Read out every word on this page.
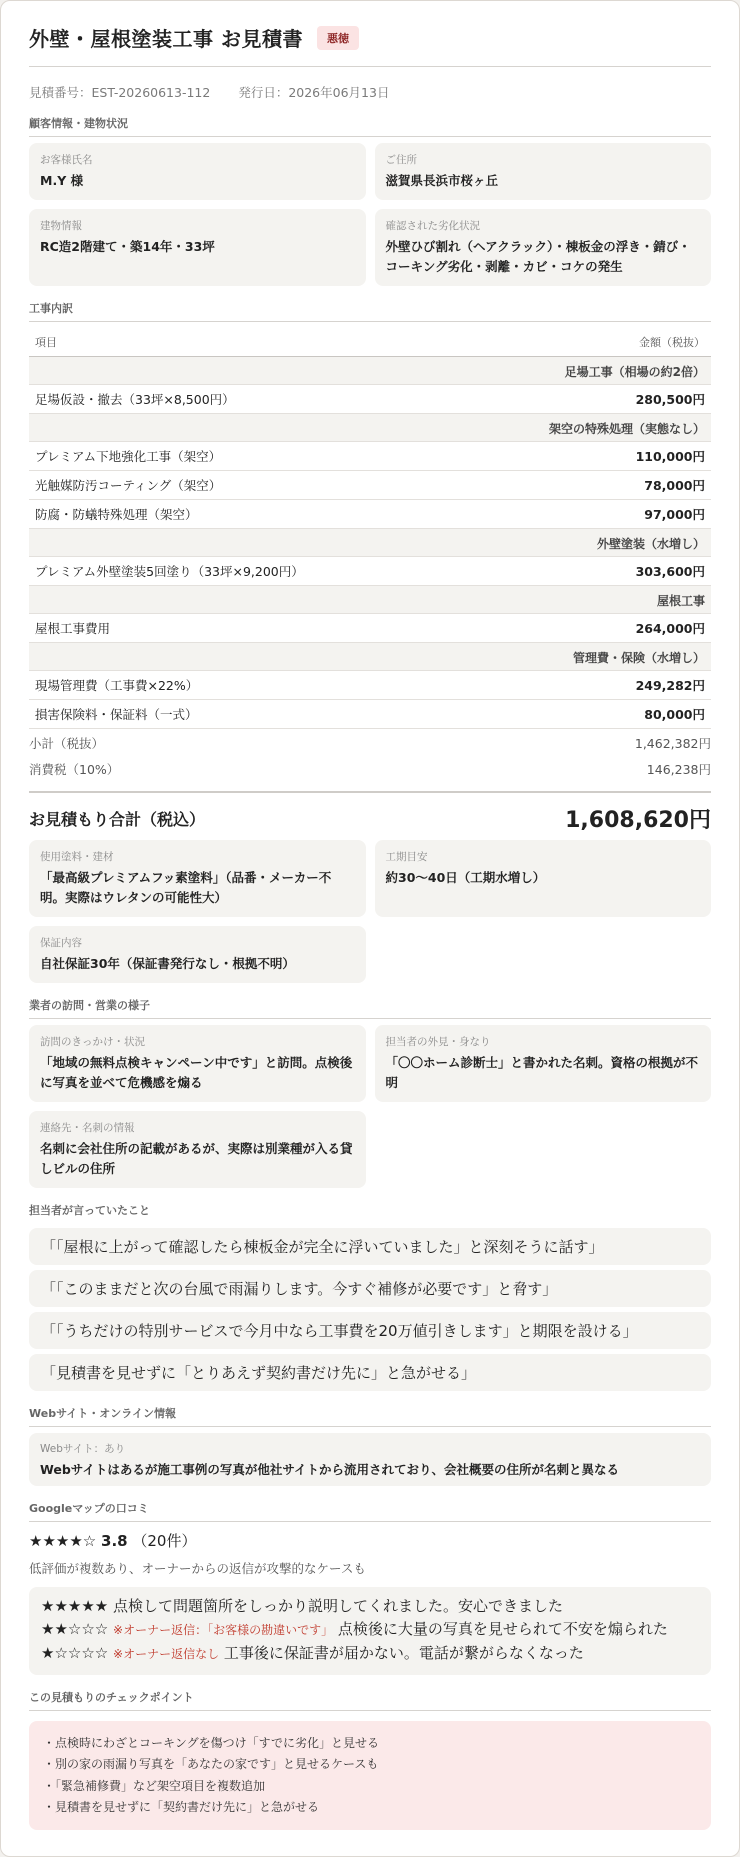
外壁・屋根塗装工事 お見積書	悪徳
見積番号：EST-20260613-112 発行日：2026年06月13日
顧客情報・建物状況
お客様氏名
M.Y 様
ご住所
滋賀県長浜市桜ヶ丘
建物情報
RC造2階建て・築14年・33坪
確認された劣化状況
外壁ひび割れ（ヘアクラック）・棟板金の浮き・錆び・コーキング劣化・剥離・カビ・コケの発生
工事内訳
項目	金額（税抜）
足場工事（相場の約2倍）
足場仮設・撤去（33坪×8,500円）	280,500円
架空の特殊処理（実態なし）
プレミアム下地強化工事（架空）	110,000円
光触媒防汚コーティング（架空）	78,000円
防腐・防蟻特殊処理（架空）	97,000円
外壁塗装（水増し）
プレミアム外壁塗装5回塗り（33坪×9,200円）	303,600円
屋根工事
屋根工事費用	264,000円
管理費・保険（水増し）
現場管理費（工事費×22%）	249,282円
損害保険料・保証料（一式）	80,000円
小計（税抜）	1,462,382円
消費税（10%）	146,238円
お見積もり合計（税込）	1,608,620円
使用塗料・建材
「最高級プレミアムフッ素塗料」（品番・メーカー不明。実際はウレタンの可能性大）
工期目安
約30〜40日（工期水増し）
保証内容
自社保証30年（保証書発行なし・根拠不明）
業者の訪問・営業の様子
訪問のきっかけ・状況
「地域の無料点検キャンペーン中です」と訪問。点検後に写真を並べて危機感を煽る
担当者の外見・身なり
「〇〇ホーム診断士」と書かれた名刺。資格の根拠が不明
連絡先・名刺の情報
名刺に会社住所の記載があるが、実際は別業種が入る貸しビルの住所
担当者が言っていたこと
「「屋根に上がって確認したら棟板金が完全に浮いていました」と深刻そうに話す」
「「このままだと次の台風で雨漏りします。今すぐ補修が必要です」と脅す」
「「うちだけの特別サービスで今月中なら工事費を20万値引きします」と期限を設ける」
「見積書を見せずに「とりあえず契約書だけ先に」と急がせる」
Webサイト・オンライン情報
Webサイト：あり
Webサイトはあるが施工事例の写真が他社サイトから流用されており、会社概要の住所が名刺と異なる
Googleマップの口コミ
★★★★☆ 3.8 （20件）
低評価が複数あり、オーナーからの返信が攻撃的なケースも
★★★★★ 点検して問題箇所をしっかり説明してくれました。安心できました
★★☆☆☆ ※オーナー返信：「お客様の勘違いです」 点検後に大量の写真を見せられて不安を煽られた
★☆☆☆☆ ※オーナー返信なし 工事後に保証書が届かない。電話が繋がらなくなった
この見積もりのチェックポイント
・点検時にわざとコーキングを傷つけ「すでに劣化」と見せる
・別の家の雨漏り写真を「あなたの家です」と見せるケースも
・「緊急補修費」など架空項目を複数追加
・見積書を見せずに「契約書だけ先に」と急がせる
